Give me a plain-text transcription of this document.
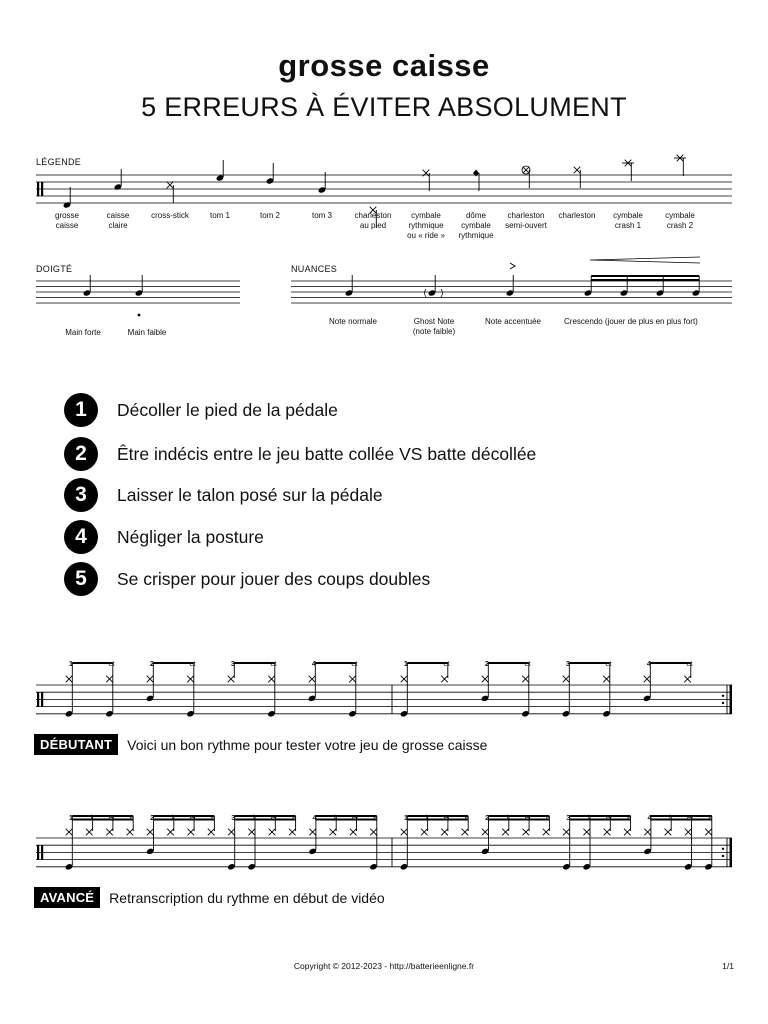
grosse caisse
5 ERREURS À ÉVITER ABSOLUMENT
LÉGENDE
grosse
caisse
caisse
claire
cross-stick	tom 1	tom 2	tom 3	charleston
au pied
cymbale
rythmique
ou « ride »
dôme
cymbale
rythmique
charleston
semi-ouvert
charleston	cymbale
crash 1
cymbale
crash 2
DOIGTÉ
Main forte	Main faible
NUANCES
Note normale	Ghost Note
(note faible)
Note accentuée	Crescendo (jouer de plus en plus fort)
1	Décoller le pied de la pédale
2	Être indécis entre le jeu batte collée VS batte décollée
3	Laisser le talon posé sur la pédale
4	Négliger la posture
5	Se crisper pour jouer des coups doubles
1	et	2	et	3	et	4	et	1	et	2	et	3	et	4	et
1	i	et	e	2	i	et	e	3	i	et	e	4	i	et	e	1	i	et	e	2	i	et	e	3	i	et	e	4	i	et	e
DÉBUTANT	Voici un bon rythme pour tester votre jeu de grosse caisse
AVANCÉ	Retranscription du rythme en début de vidéo
Copyright © 2012-2023 - http://batterieenligne.fr	1/1
